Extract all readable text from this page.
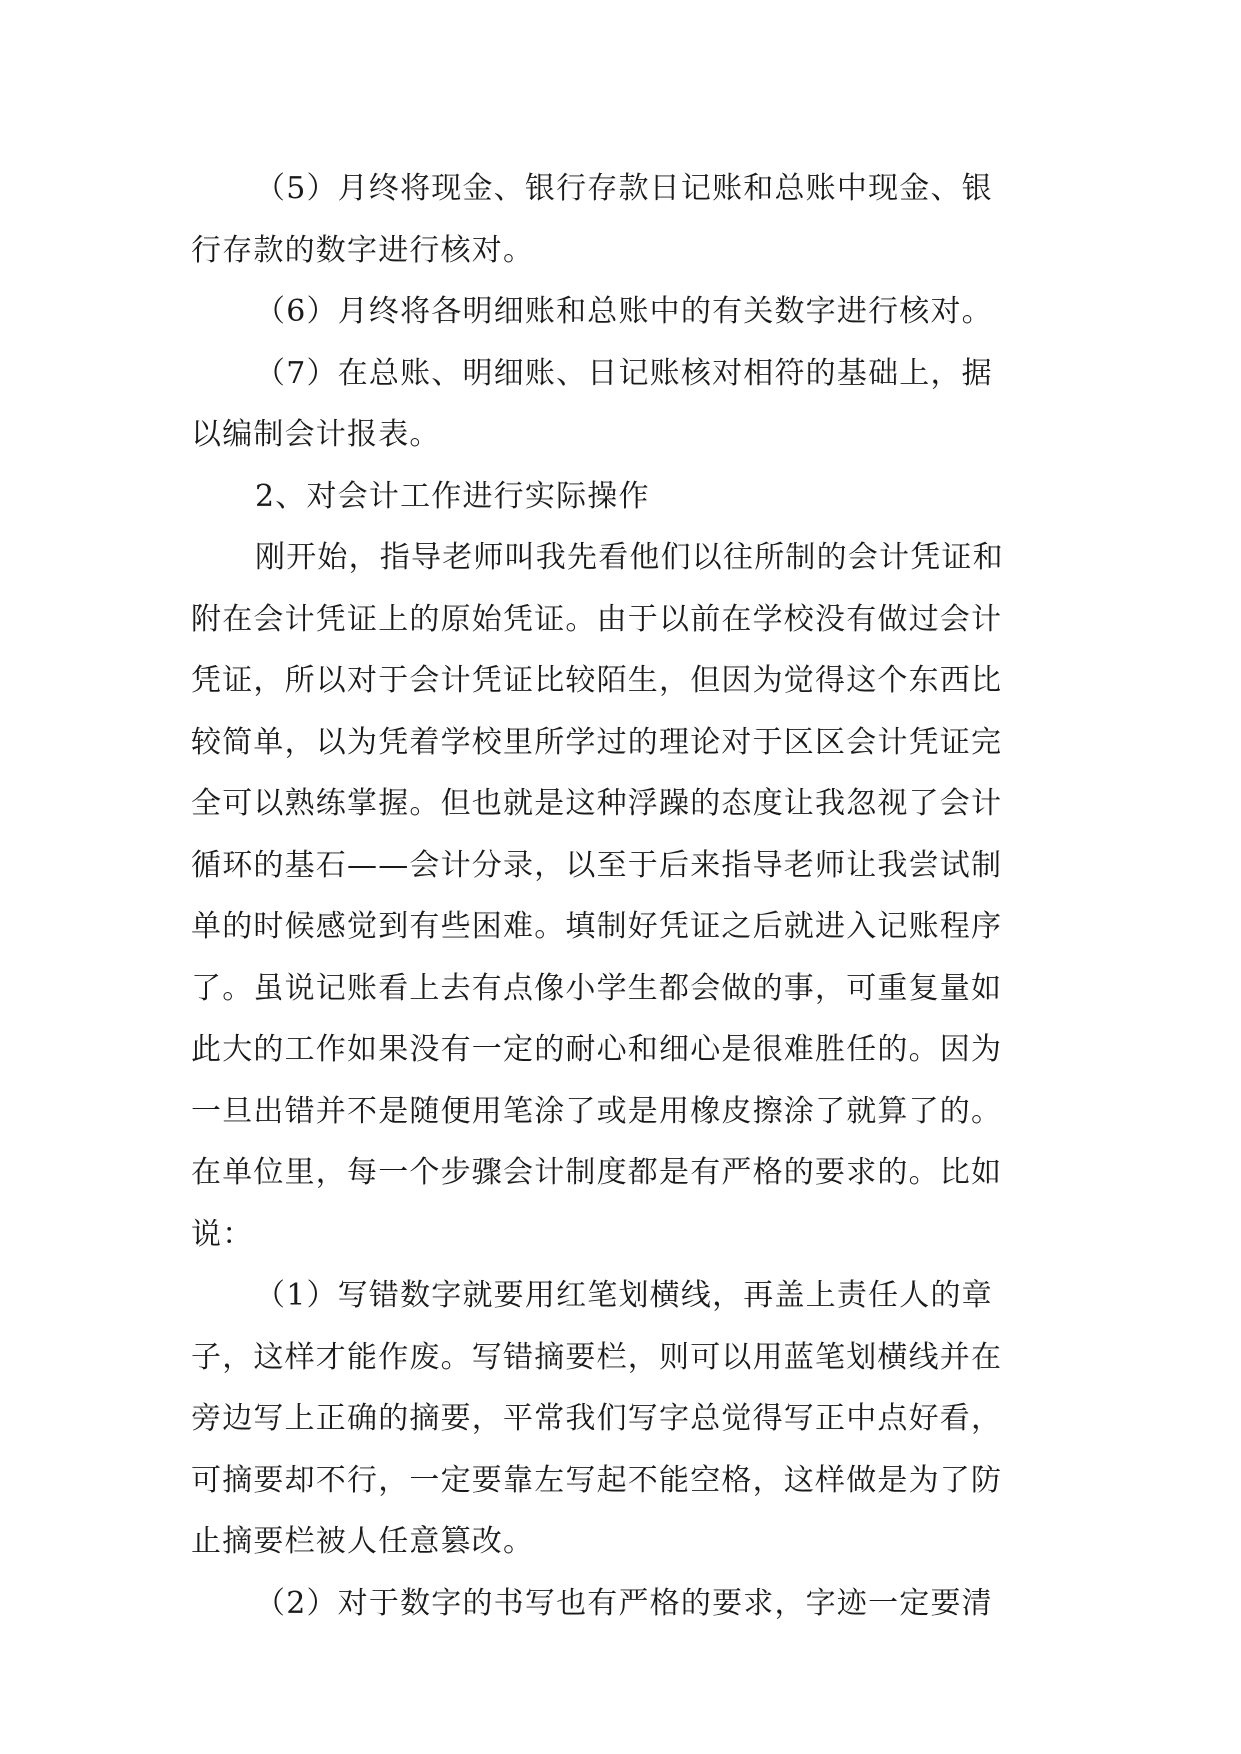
（5）月终将现金、银行存款日记账和总账中现金、银
行存款的数字进行核对。
（6）月终将各明细账和总账中的有关数字进行核对。
（7）在总账、明细账、日记账核对相符的基础上，据
以编制会计报表。
2、对会计工作进行实际操作
刚开始，指导老师叫我先看他们以往所制的会计凭证和
附在会计凭证上的原始凭证。由于以前在学校没有做过会计
凭证，所以对于会计凭证比较陌生，但因为觉得这个东西比
较简单，以为凭着学校里所学过的理论对于区区会计凭证完
全可以熟练掌握。但也就是这种浮躁的态度让我忽视了会计
循环的基石——会计分录，以至于后来指导老师让我尝试制
单的时候感觉到有些困难。填制好凭证之后就进入记账程序
了。虽说记账看上去有点像小学生都会做的事，可重复量如
此大的工作如果没有一定的耐心和细心是很难胜任的。因为
一旦出错并不是随便用笔涂了或是用橡皮擦涂了就算了的。
在单位里，每一个步骤会计制度都是有严格的要求的。比如
说：
（1）写错数字就要用红笔划横线，再盖上责任人的章
子，这样才能作废。写错摘要栏，则可以用蓝笔划横线并在
旁边写上正确的摘要，平常我们写字总觉得写正中点好看，
可摘要却不行，一定要靠左写起不能空格，这样做是为了防
止摘要栏被人任意篡改。
（2）对于数字的书写也有严格的要求，字迹一定要清
